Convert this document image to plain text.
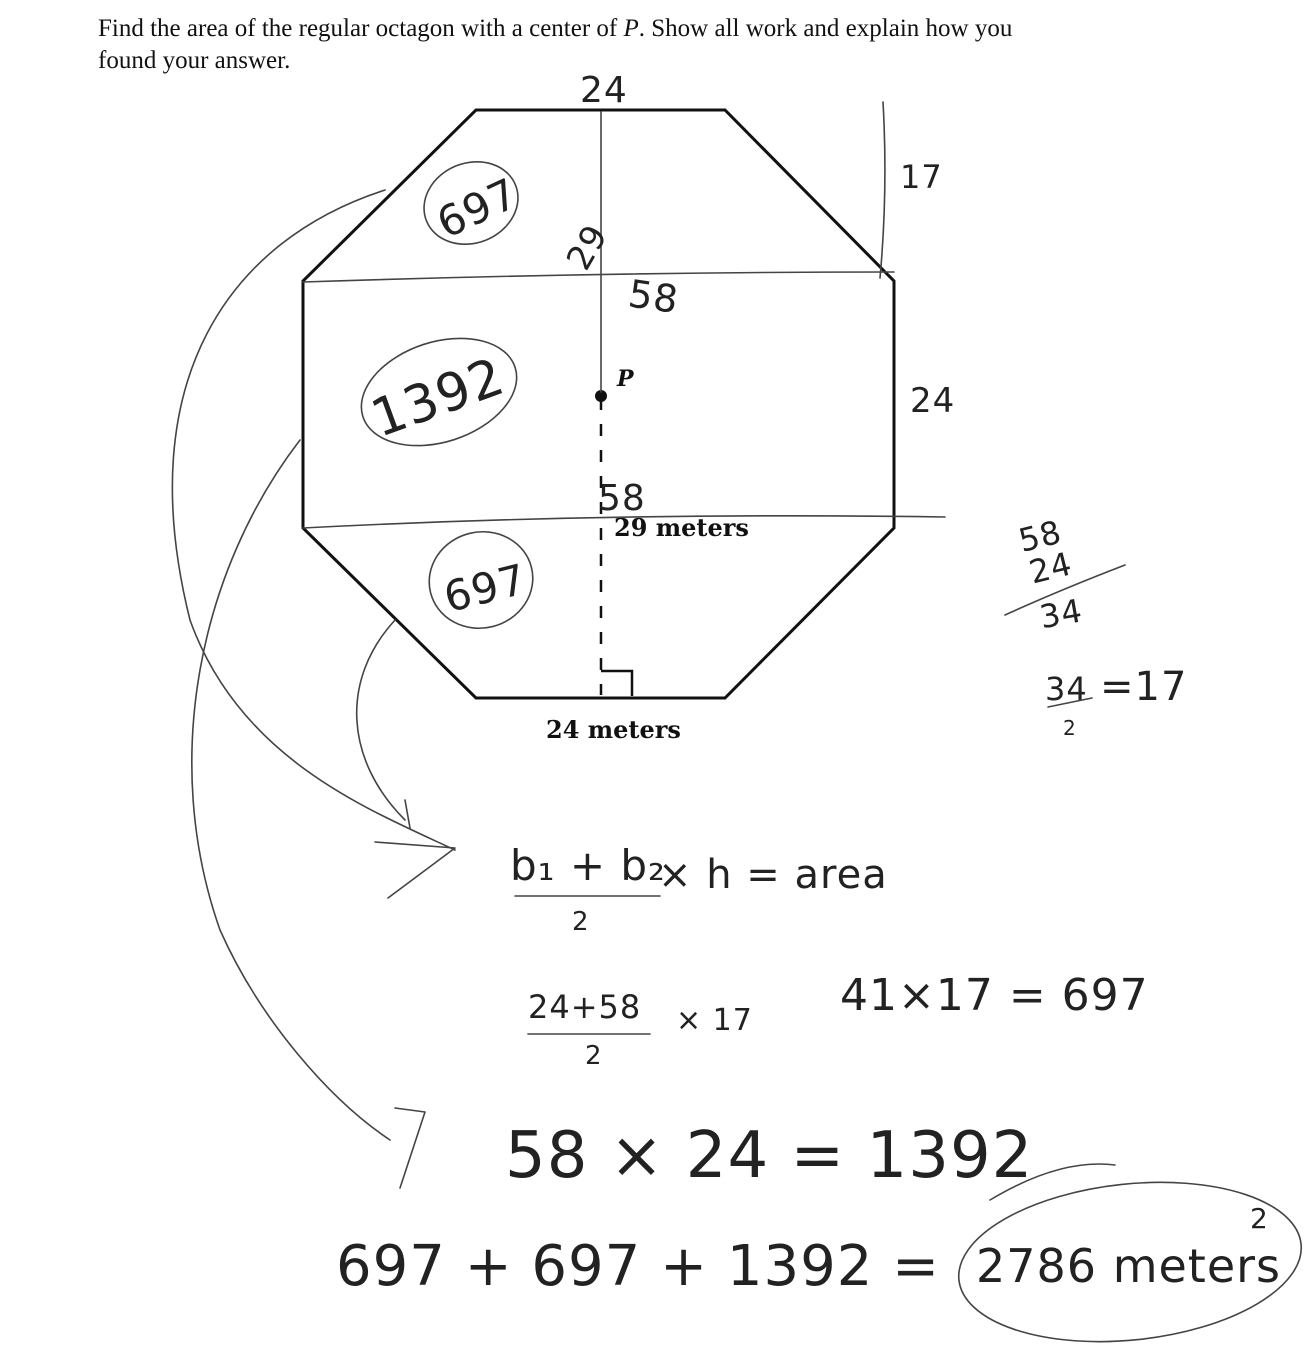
Find the area of the regular octagon with a center of P. Show all work and explain how you
found your answer.
P
29 meters
24 meters
697
1392
697
24
29
58
58
17
24
58
24
34
34
2
=17
b₁ + b₂
2
× h = area
24+58
2
× 17 41×17 = 697
58 × 24 = 1392
697 + 697 + 1392 = 2786 meters
2
